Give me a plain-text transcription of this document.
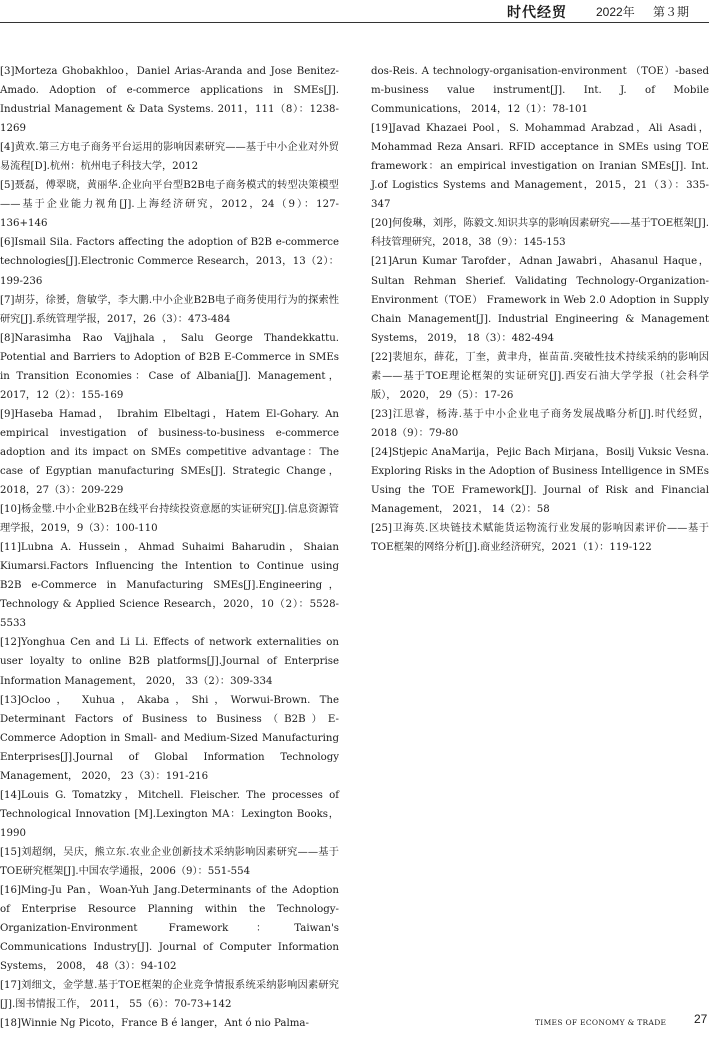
时代经贸 2022年 第３期

[3]Morteza Ghobakhloo，Daniel Arias-Aranda and Jose Benitez-Amado. Adoption of e-commerce applications in SMEs[J]. Industrial Management & Data Systems. 2011，111（8）：1238-1269

[4]黄欢.第三方电子商务平台运用的影响因素研究——基于中小企业对外贸易流程[D].杭州：杭州电子科技大学，2012

[5]聂磊，傅翠晓，黄丽华.企业向平台型B2B电子商务模式的转型决策模型——基于企业能力视角[J].上海经济研究，2012，24（9）：127-136+146

[6]Ismail Sila. Factors affecting the adoption of B2B e-commerce technologies[J].Electronic Commerce Research，2013，13（2）：199-236

[7]胡芬，徐赟，詹敏学，李大鹏.中小企业B2B电子商务使用行为的探索性研究[J].系统管理学报，2017，26（3）：473-484

[8]Narasimha Rao Vajjhala，Salu George Thandekkattu. Potential and Barriers to Adoption of B2B E-Commerce in SMEs in Transition Economies：Case of Albania[J]. Management，2017，12（2）：155-169

[9]Haseba Hamad， Ibrahim Elbeltagi，Hatem El-Gohary. An empirical investigation of business-to-business e-commerce adoption and its impact on SMEs competitive advantage：The case of Egyptian manufacturing SMEs[J]. Strategic Change，2018，27（3）：209-229

[10]杨金璧.中小企业B2B在线平台持续投资意愿的实证研究[J].信息资源管理学报，2019，9（3）：100-110

[11]Lubna A. Hussein，Ahmad Suhaimi Baharudin，Shaian Kiumarsi.Factors Influencing the Intention to Continue using B2B e-Commerce in Manufacturing SMEs[J].Engineering，Technology & Applied Science Research，2020，10（2）：5528-5533

[12]Yonghua Cen and Li Li. Effects of network externalities on user loyalty to online B2B platforms[J].Journal of Enterprise Information Management， 2020， 33（2）：309-334

[13]Ocloo， Xuhua，Akaba，Shi，Worwui-Brown. The Determinant Factors of Business to Business（B2B）E-Commerce Adoption in Small- and Medium-Sized Manufacturing Enterprises[J].Journal of Global Information Technology Management， 2020， 23（3）：191-216

[14]Louis G. Tomatzky，Mitchell. Fleischer. The processes of Technological Innovation [M].Lexington MA：Lexington Books，1990

[15]刘超纲，吴庆，熊立东.农业企业创新技术采纳影响因素研究——基于TOE研究框架[J].中国农学通报，2006（9）：551-554

[16]Ming-Ju Pan，Woan-Yuh Jang.Determinants of the Adoption of Enterprise Resource Planning within the Technology-Organization-Environment Framework：Taiwan's Communications Industry[J]. Journal of Computer Information Systems， 2008， 48（3）：94-102

[17]刘细文，金学慧.基于TOE框架的企业竞争情报系统采纳影响因素研究[J].图书情报工作， 2011， 55（6）：70-73+142

[18]Winnie Ng Picoto，France B é langer，Ant ó nio Palma-

dos-Reis. A technology-organisation-environment （TOE）-based m-business value instrument[J]. Int. J. of Mobile Communications， 2014，12（1）：78-101

[19]Javad Khazaei Pool，S. Mohammad Arabzad，Ali Asadi，Mohammad Reza Ansari. RFID acceptance in SMEs using TOE framework：an empirical investigation on Iranian SMEs[J]. Int. J.of Logistics Systems and Management，2015，21（3）：335-347

[20]何俊琳，刘彤，陈毅文.知识共享的影响因素研究——基于TOE框架[J].科技管理研究，2018，38（9）：145-153

[21]Arun Kumar Tarofder，Adnan Jawabri，Ahasanul Haque，Sultan Rehman Sherief. Validating Technology-Organization-Environment（TOE） Framework in Web 2.0 Adoption in Supply Chain Management[J]. Industrial Engineering & Management Systems， 2019， 18（3）：482-494

[22]裴旭东，薛花，丁奎，黄聿舟，崔苗苗.突破性技术持续采纳的影响因素——基于TOE理论框架的实证研究[J].西安石油大学学报（社会科学版）， 2020， 29（5）：17-26

[23]江思睿，杨涛.基于中小企业电子商务发展战略分析[J].时代经贸，2018（9）：79-80

[24]Stjepic AnaMarija，Pejic Bach Mirjana，Bosilj Vuksic Vesna. Exploring Risks in the Adoption of Business Intelligence in SMEs Using the TOE Framework[J]. Journal of Risk and Financial Management， 2021， 14（2）：58

[25]卫海英.区块链技术赋能货运物流行业发展的影响因素评价——基于TOE框架的网络分析[J].商业经济研究，2021（1）：119-122

TIMES OF ECONOMY & TRADE 27
